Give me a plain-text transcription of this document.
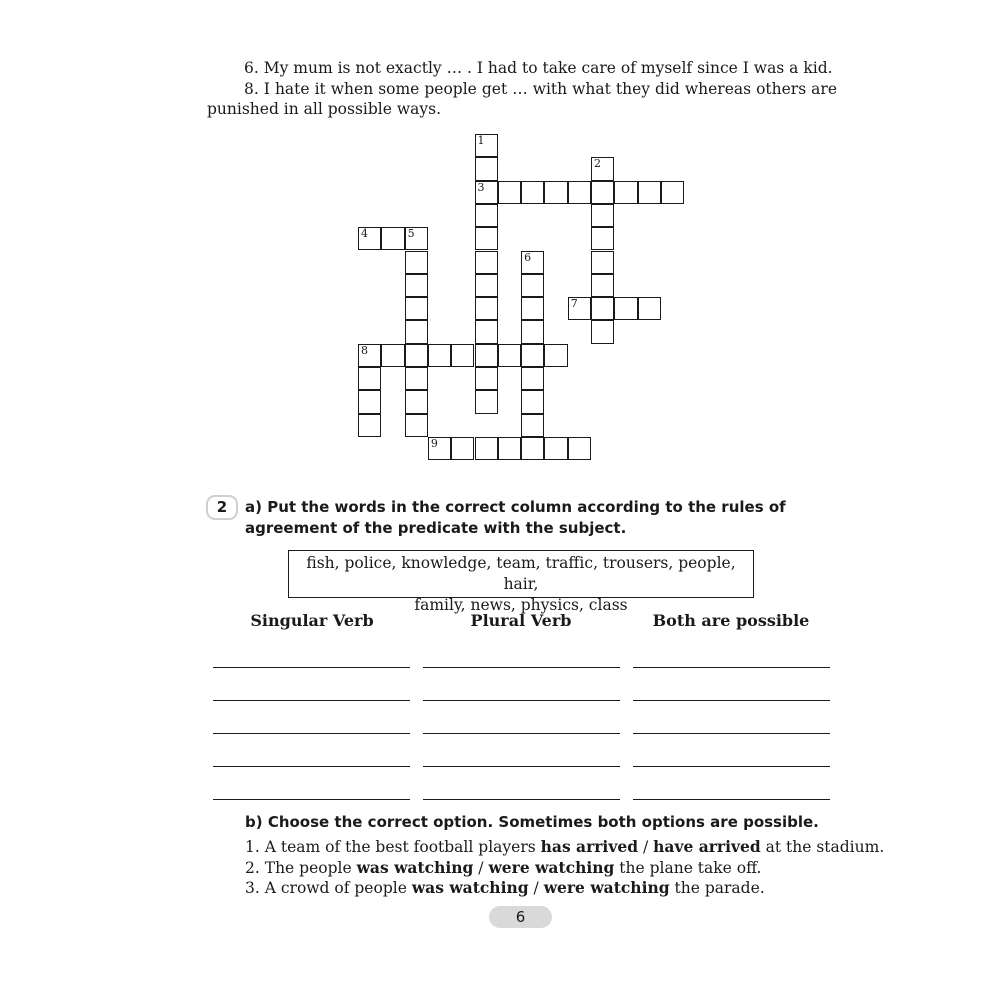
6. My mum is not exactly … . I had to take care of myself since I was a kid.

8. I hate it when some people get … with what they did whereas others are punished in all possible ways.

1
3
2
4	5
6
7
8
9
2	a) Put the words in the correct column according to the rules of agreement of the predicate with the subject.
fish, police, knowledge, team, traffic, trousers, people, hair,
family, news, physics, class
Singular Verb	Plural Verb	Both are possible
b) Choose the correct option. Sometimes both options are possible.

1. A team of the best football players has arrived / have arrived at the stadium.

2. The people was watching / were watching the plane take off.

3. A crowd of people was watching / were watching the parade.

6
